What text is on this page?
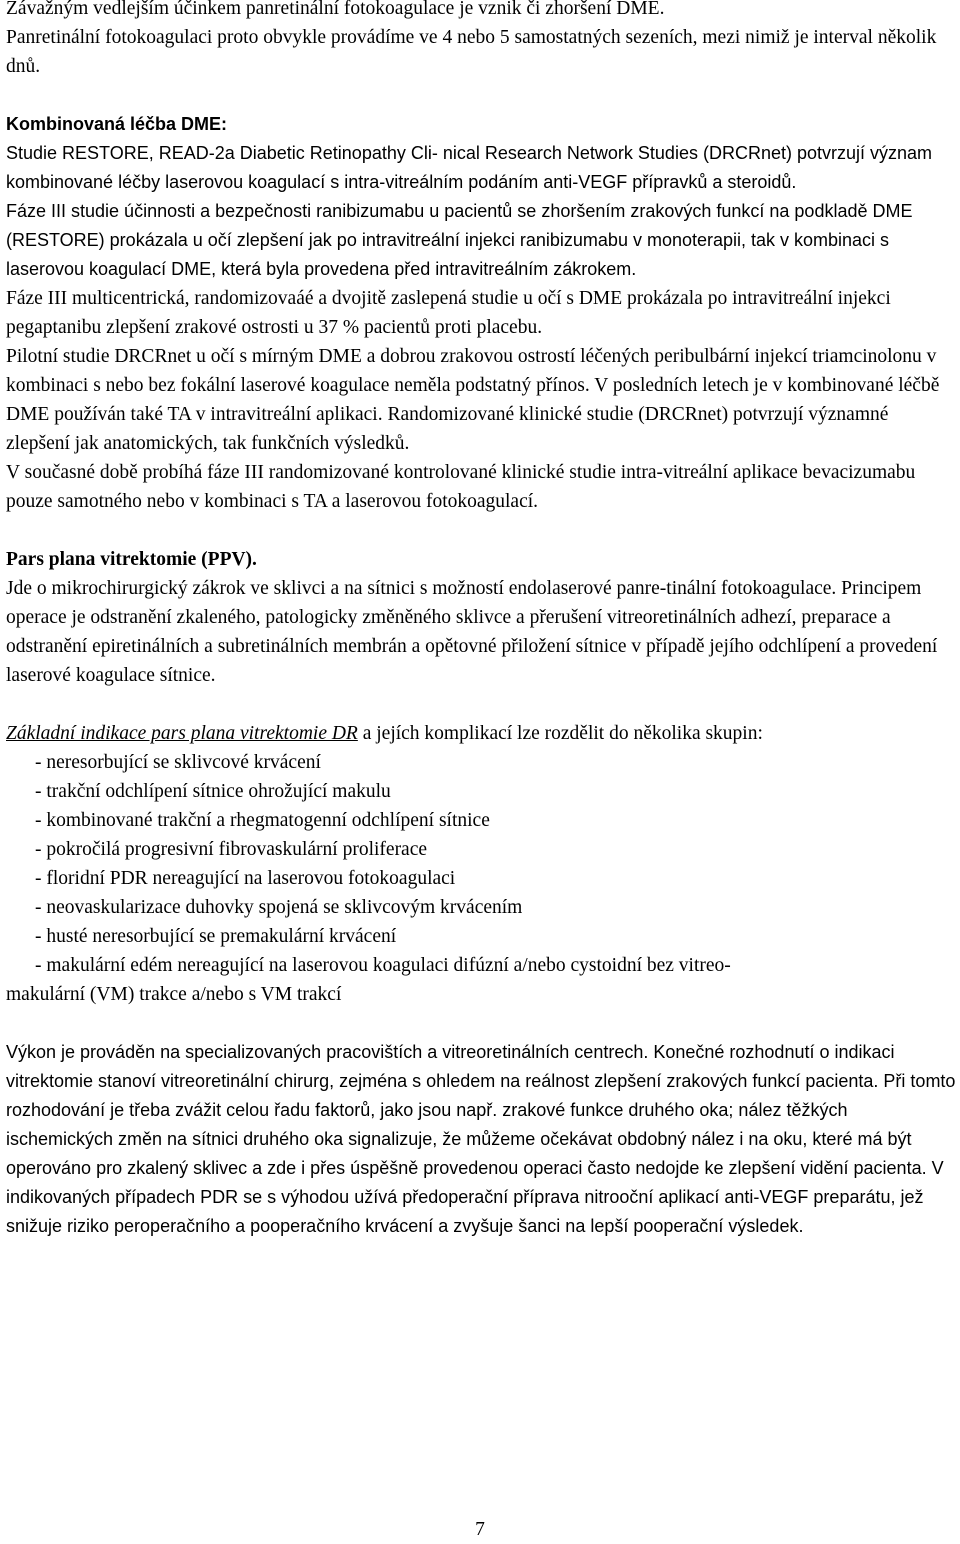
Závažným vedlejším účinkem panretinální fotokoagulace je vznik či zhoršení DME.

Panretinální fotokoagulaci proto obvykle provádíme ve 4 nebo 5 samostatných sezeních, mezi nimiž je interval několik dnů.

Kombinovaná léčba DME:

Studie RESTORE, READ-2a Diabetic Retinopathy Cli- nical Research Network Studies (DRCRnet) potvrzují význam kombinované léčby laserovou koagulací s intra-vitreálním podáním anti-VEGF přípravků a steroidů.

Fáze III studie účinnosti a bezpečnosti ranibizumabu u pacientů se zhoršením zrakových funkcí na podkladě DME (RESTORE) prokázala u očí zlepšení jak po intravitreální injekci ranibizumabu v monoterapii, tak v kombinaci s laserovou koagulací DME, která byla provedena před intravitreálním zákrokem.

Fáze III multicentrická, randomizovaáé a dvojitě zaslepená studie u očí s DME prokázala po intravitreální injekci pegaptanibu zlepšení zrakové ostrosti u 37 % pacientů proti placebu.

Pilotní studie DRCRnet u očí s mírným DME a dobrou zrakovou ostrostí léčených peribulbární injekcí triamcinolonu v kombinaci s nebo bez fokální laserové koagulace neměla podstatný přínos. V posledních letech je v kombinované léčbě DME používán také TA v intravitreální aplikaci. Randomizované klinické studie (DRCRnet) potvrzují významné zlepšení jak anatomických, tak funkčních výsledků.

V současné době probíhá fáze III randomizované kontrolované klinické studie intra-vitreální aplikace bevacizumabu pouze samotného nebo v kombinaci s TA a laserovou fotokoagulací.

Pars plana vitrektomie (PPV).

Jde o mikrochirurgický zákrok ve sklivci a na sítnici s možností endolaserové panre-tinální fotokoagulace. Principem operace je odstranění zkaleného, patologicky změněného sklivce a přerušení vitreoretinálních adhezí, preparace a odstranění epiretinálních a subretinálních membrán a opětovné přiložení sítnice v případě jejího odchlípení a provedení laserové koagulace sítnice.

Základní indikace pars plana vitrektomie DR a jejích komplikací lze rozdělit do několika skupin:

- neresorbující se sklivcové krvácení
- trakční odchlípení sítnice ohrožující makulu
- kombinované trakční a rhegmatogenní odchlípení sítnice
- pokročilá progresivní fibrovaskulární proliferace
- floridní PDR nereagující na laserovou fotokoagulaci
- neovaskularizace duhovky spojená se sklivcovým krvácením
- husté neresorbující se premakulární krvácení
- makulární edém nereagující na laserovou koagulaci difúzní a/nebo cystoidní bez vitreo-

makulární (VM) trakce a/nebo s VM trakcí

Výkon je prováděn na specializovaných pracovištích a vitreoretinálních centrech. Konečné rozhodnutí o indikaci vitrektomie stanoví vitreoretinální chirurg, zejména s ohledem na reálnost zlepšení zrakových funkcí pacienta. Při tomto rozhodování je třeba zvážit celou řadu faktorů, jako jsou např. zrakové funkce druhého oka; nález těžkých ischemických změn na sítnici druhého oka signalizuje, že můžeme očekávat obdobný nález i na oku, které má být operováno pro zkalený sklivec a zde i přes úspěšně provedenou operaci často nedojde ke zlepšení vidění pacienta. V indikovaných případech PDR se s výhodou užívá předoperační příprava nitrooční aplikací anti-VEGF preparátu, jež snižuje riziko peroperačního a pooperačního krvácení a zvyšuje šanci na lepší pooperační výsledek.

7
